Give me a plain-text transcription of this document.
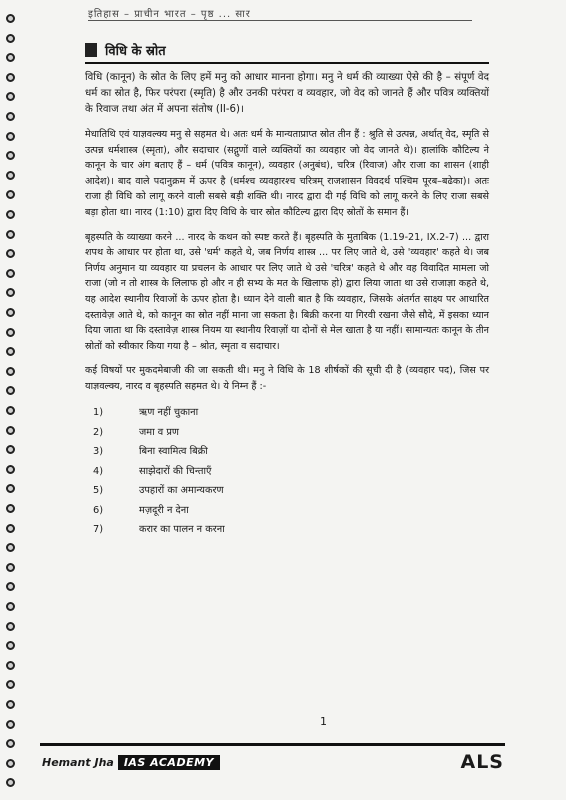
इतिहास – प्राचीन भारत – पृष्ठ ... सार
विधि के स्रोत

विधि (कानून) के स्रोत के लिए हमें मनु को आधार मानना होगा। मनु ने धर्म की व्याख्या ऐसे की है – संपूर्ण वेद धर्म का स्रोत है, फिर परंपरा (स्मृति) है और उनकी परंपरा व व्यवहार, जो वेद को जानते हैं और पवित्र व्यक्तियों के रिवाज तथा अंत में अपना संतोष (II-6)।

मेधातिथि एवं याज्ञवल्क्य मनु से सहमत थे। अतः धर्म के मान्यताप्राप्त स्रोत तीन हैं : श्रुति से उत्पन्न, अर्थात् वेद, स्मृति से उत्पन्न धर्मशास्त्र (स्मृता), और सदाचार (सद्गुणों वाले व्यक्तियों का व्यवहार जो वेद जानते थे)। हालांकि कौटिल्य ने कानून के चार अंग बताए हैं – धर्म (पवित्र कानून), व्यवहार (अनुबंध), चरित्र (रिवाज) और राजा का शासन (शाही आदेश)। बाद वाले पदानुक्रम में ऊपर है (धर्मश्च व्यवहारश्च चरित्रम् राजशासन विवदर्थ पश्चिम पूरब–बढेका)। अतः राजा ही विधि को लागू करने वाली सबसे बड़ी शक्ति थी। नारद द्वारा दी गई विधि को लागू करने के लिए राजा सबसे बड़ा होता था। नारद (1:10) द्वारा दिए विधि के चार स्रोत कौटिल्य द्वारा दिए स्रोतों के समान हैं।

बृहस्पति के व्याख्या करने ... नारद के कथन को स्पष्ट करते हैं। बृहस्पति के मुताबिक (1.19-21, IX.2-7) ... द्वारा शपथ के आधार पर होता था, उसे 'धर्म' कहते थे, जब निर्णय शास्त्र ... पर लिए जाते थे, उसे 'व्यवहार' कहते थे। जब निर्णय अनुमान या व्यवहार या प्रचलन के आधार पर लिए जाते थे उसे 'चरित्र' कहते थे और वह विवादित मामला जो राजा (जो न तो शास्त्र के लिलाफ हो और न ही सभ्य के मत के खिलाफ हो) द्वारा लिया जाता था उसे राजाज्ञा कहते थे, यह आदेश स्थानीय रिवाजों के ऊपर होता है। ध्यान देने वाली बात है कि व्यवहार, जिसके अंतर्गत साक्ष्य पर आधारित दस्तावेज़ आते थे, को कानून का स्रोत नहीं माना जा सकता है। बिक्री करना या गिरवी रखना जैसे सौदे, में इसका ध्यान दिया जाता था कि दस्तावेज़ शास्त्र नियम या स्थानीय रिवाज़ों या दोनों से मेल खाता है या नहीं। सामान्यतः कानून के तीन स्रोतों को स्वीकार किया गया है – श्रोत, स्मृता व सदाचार।

कई विषयों पर मुकदमेबाजी की जा सकती थी। मनु ने विधि के 18 शीर्षकों की सूची दी है (व्यवहार पद), जिस पर याज्ञवल्क्य, नारद व बृहस्पति सहमत थे। ये निम्न हैं :-

1)	ऋण नहीं चुकाना
2)	जमा व प्रण
3)	बिना स्वामित्व बिक्री
4)	साझेदारों की चिन्ताएँ
5)	उपहारों का अमान्यकरण
6)	मज़दूरी न देना
7)	करार का पालन न करना
1
Hemant Jha IAS ACADEMY	ALS
